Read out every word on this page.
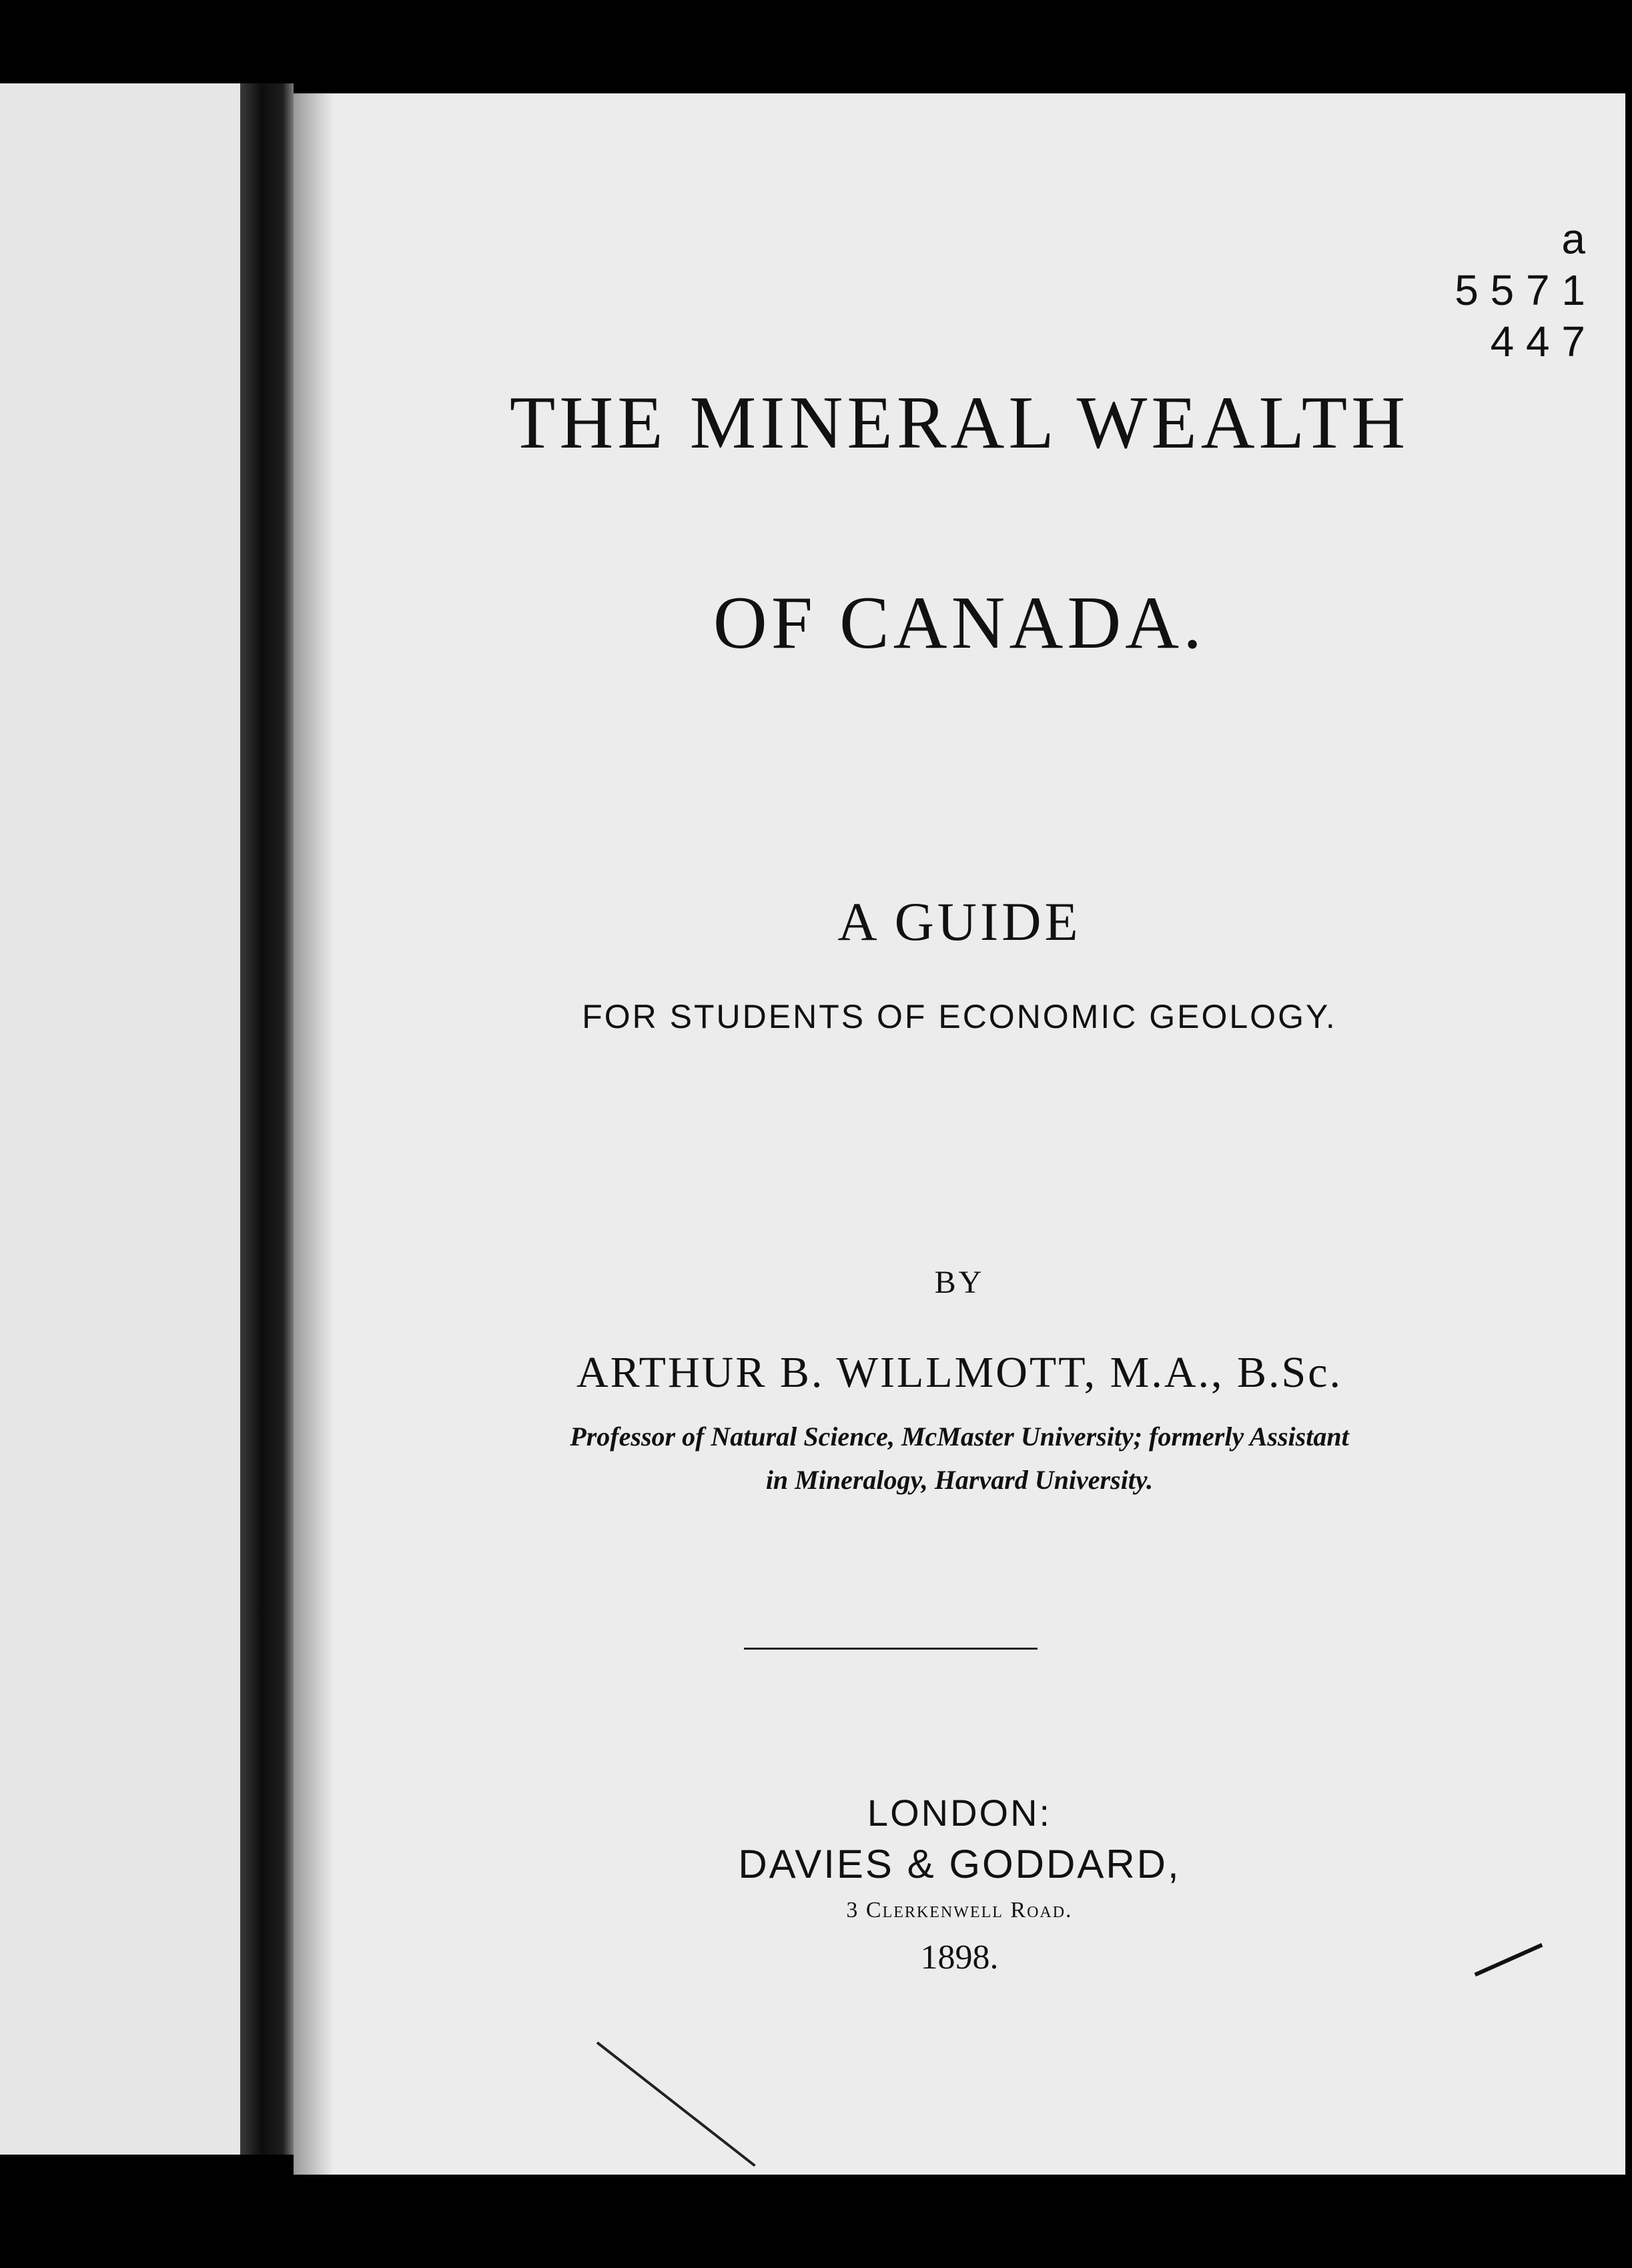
a
5 5 7 1
4 4 7
THE MINERAL WEALTH
OF CANADA.
A GUIDE
FOR STUDENTS OF ECONOMIC GEOLOGY.
BY
ARTHUR B. WILLMOTT, M.A., B.Sc.
Professor of Natural Science, McMaster University; formerly Assistant
in Mineralogy, Harvard University.
LONDON:
DAVIES & GODDARD,
3 Clerkenwell Road.
1898.
